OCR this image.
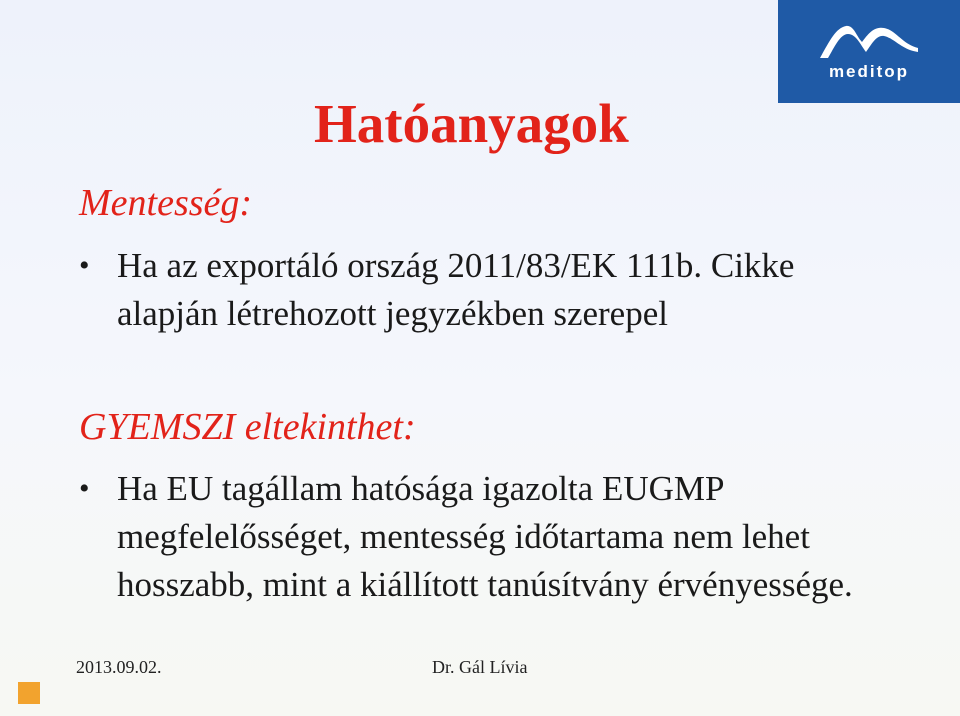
meditop
Hatóanyagok
Mentesség:

• Ha az exportáló ország 2011/83/EK 111b. Cikke alapján létrehozott jegyzékben szerepel

GYEMSZI eltekinthet:

• Ha EU tagállam hatósága igazolta EUGMP megfelelősséget, mentesség időtartama nem lehet hosszabb, mint a kiállított tanúsítvány érvényessége.

2013.09.02.	Dr. Gál Lívia
